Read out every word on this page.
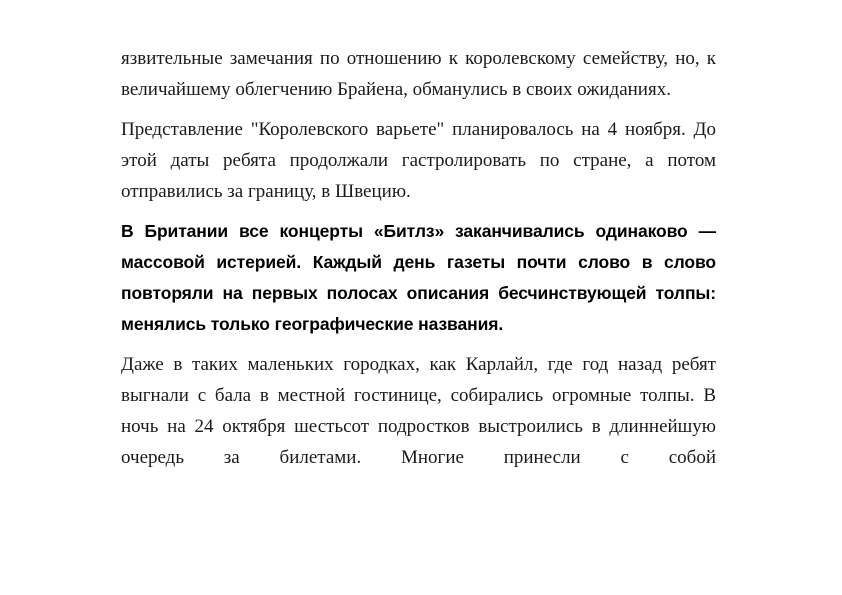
язвительные замечания по отношению к королевскому семейству, но, к величайшему облегчению Брайена, обманулись в своих ожиданиях.

Представление "Королевского варьете" планировалось на 4 ноября. До этой даты ребята продолжали гастролировать по стране, а потом отправились за границу, в Швецию.

В Британии все концерты «Битлз» заканчивались одинаково — массовой истерией. Каждый день газеты почти слово в слово повторяли на первых полосах описания бесчинствующей толпы: менялись только географические названия.

Даже в таких маленьких городках, как Карлайл, где год назад ребят выгнали с бала в местной гостинице, собирались огромные толпы. В ночь на 24 октября шестьсот подростков выстроились в длиннейшую очередь за билетами. Многие принесли с собой
